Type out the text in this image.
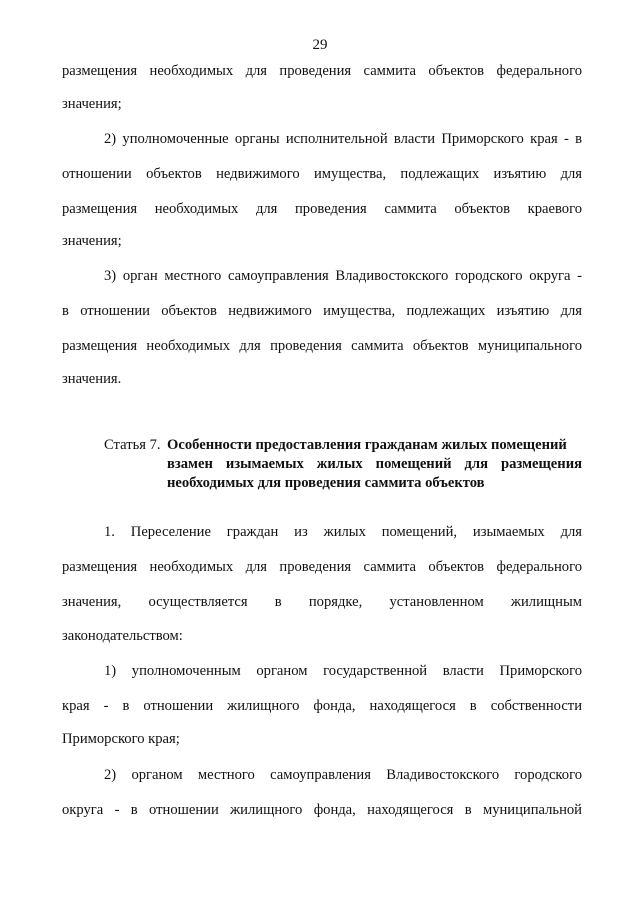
29
размещения необходимых для проведения саммита объектов федерального
значения;
2) уполномоченные органы исполнительной власти Приморского края - в
отношении объектов недвижимого имущества, подлежащих изъятию для
размещения необходимых для проведения саммита объектов краевого
значения;
3) орган местного самоуправления Владивостокского городского округа -
в отношении объектов недвижимого имущества, подлежащих изъятию для
размещения необходимых для проведения саммита объектов муниципального
значения.
Статья 7. Особенности предоставления гражданам жилых помещений
взамен изымаемых жилых помещений для размещения
необходимых для проведения саммита объектов
1. Переселение граждан из жилых помещений, изымаемых для
размещения необходимых для проведения саммита объектов федерального
значения, осуществляется в порядке, установленном жилищным
законодательством:
1) уполномоченным органом государственной власти Приморского
края - в отношении жилищного фонда, находящегося в собственности
Приморского края;
2) органом местного самоуправления Владивостокского городского
округа - в отношении жилищного фонда, находящегося в муниципальной
